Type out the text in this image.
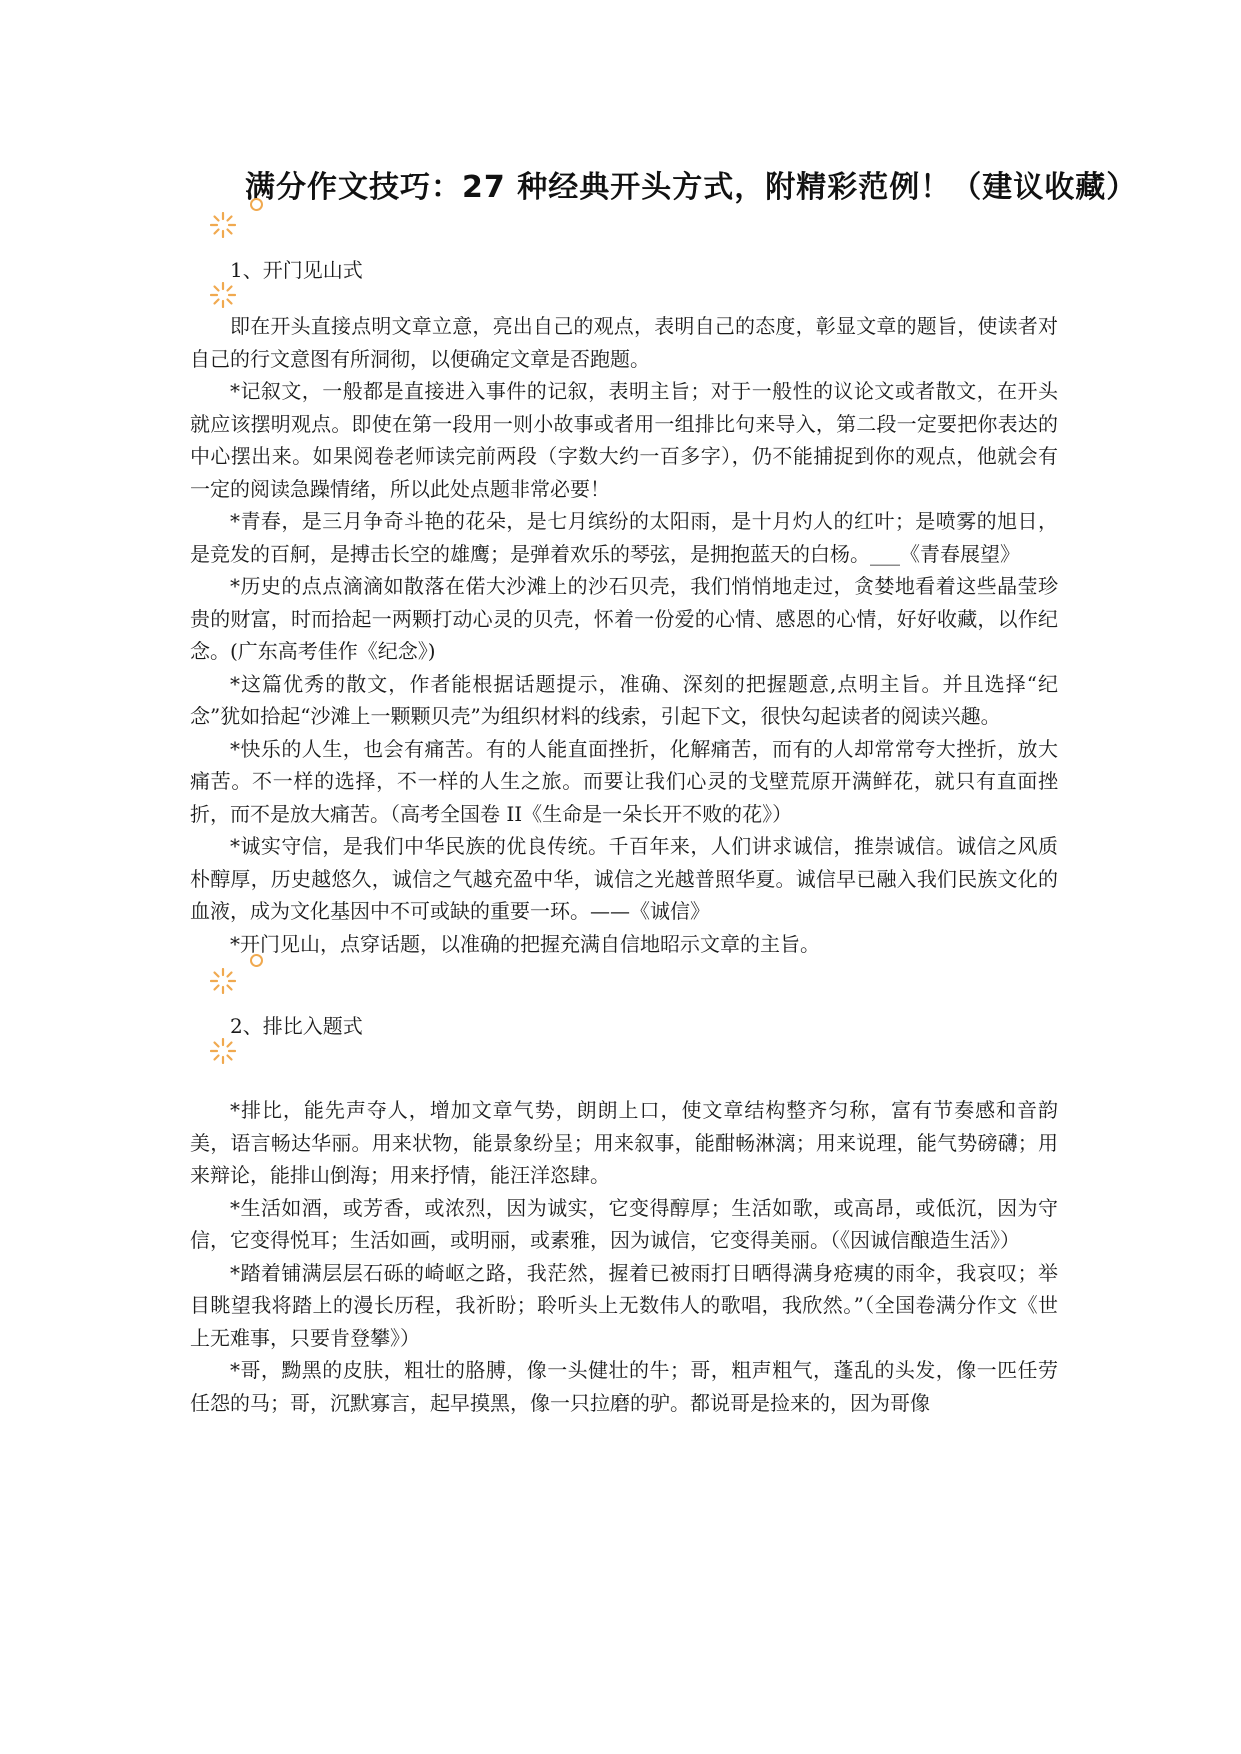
满分作文技巧：27 种经典开头方式，附精彩范例！（建议收藏）
1、开门见山式

即在开头直接点明文章立意，亮出自己的观点，表明自己的态度，彰显文章的题旨，使读者对自己的行文意图有所洞彻，以便确定文章是否跑题。

*记叙文，一般都是直接进入事件的记叙，表明主旨；对于一般性的议论文或者散文，在开头就应该摆明观点。即使在第一段用一则小故事或者用一组排比句来导入，第二段一定要把你表达的中心摆出来。如果阅卷老师读完前两段（字数大约一百多字），仍不能捕捉到你的观点，他就会有一定的阅读急躁情绪，所以此处点题非常必要！

*青春，是三月争奇斗艳的花朵，是七月缤纷的太阳雨，是十月灼人的红叶；是喷雾的旭日，是竞发的百舸，是搏击长空的雄鹰；是弹着欢乐的琴弦，是拥抱蓝天的白杨。___《青春展望》

*历史的点点滴滴如散落在偌大沙滩上的沙石贝壳，我们悄悄地走过，贪婪地看着这些晶莹珍贵的财富，时而拾起一两颗打动心灵的贝壳，怀着一份爱的心情、感恩的心情，好好收藏，以作纪念。(广东高考佳作《纪念》)

*这篇优秀的散文，作者能根据话题提示，准确、深刻的把握题意,点明主旨。并且选择“纪念”犹如拾起“沙滩上一颗颗贝壳”为组织材料的线索，引起下文，很快勾起读者的阅读兴趣。

*快乐的人生，也会有痛苦。有的人能直面挫折，化解痛苦，而有的人却常常夸大挫折，放大痛苦。不一样的选择，不一样的人生之旅。而要让我们心灵的戈壁荒原开满鲜花，就只有直面挫折，而不是放大痛苦。（高考全国卷 II《生命是一朵长开不败的花》）

*诚实守信，是我们中华民族的优良传统。千百年来，人们讲求诚信，推崇诚信。诚信之风质朴醇厚，历史越悠久，诚信之气越充盈中华，诚信之光越普照华夏。诚信早已融入我们民族文化的血液，成为文化基因中不可或缺的重要一环。——《诚信》

*开门见山，点穿话题，以准确的把握充满自信地昭示文章的主旨。

2、排比入题式

*排比，能先声夺人，增加文章气势，朗朗上口，使文章结构整齐匀称，富有节奏感和音韵美，语言畅达华丽。用来状物，能景象纷呈；用来叙事，能酣畅淋漓；用来说理，能气势磅礴；用来辩论，能排山倒海；用来抒情，能汪洋恣肆。

*生活如酒，或芳香，或浓烈，因为诚实，它变得醇厚；生活如歌，或高昂，或低沉，因为守信，它变得悦耳；生活如画，或明丽，或素雅，因为诚信，它变得美丽。（《因诚信酿造生活》）

*踏着铺满层层石砾的崎岖之路，我茫然，握着已被雨打日晒得满身疮痍的雨伞，我哀叹；举目眺望我将踏上的漫长历程，我祈盼；聆听头上无数伟人的歌唱，我欣然。”（全国卷满分作文《世上无难事，只要肯登攀》）

*哥，黝黑的皮肤，粗壮的胳膊，像一头健壮的牛；哥，粗声粗气，蓬乱的头发，像一匹任劳任怨的马；哥，沉默寡言，起早摸黑，像一只拉磨的驴。都说哥是捡来的，因为哥像
